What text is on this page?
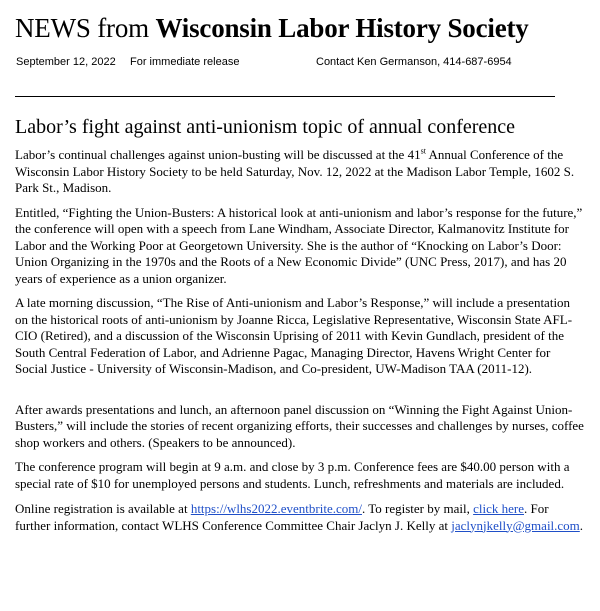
NEWS from Wisconsin Labor History Society
September 12, 2022 For immediate release	Contact Ken Germanson, 414-687-6954
Labor’s fight against anti-unionism topic of annual conference

Labor’s continual challenges against union-busting will be discussed at the 41st Annual Conference of the Wisconsin Labor History Society to be held Saturday, Nov. 12, 2022 at the Madison Labor Temple, 1602 S. Park St., Madison.

Entitled, “Fighting the Union-Busters: A historical look at anti-unionism and labor’s response for the future,” the conference will open with a speech from Lane Windham, Associate Director, Kalmanovitz Institute for Labor and the Working Poor at Georgetown University. She is the author of “Knocking on Labor’s Door: Union Organizing in the 1970s and the Roots of a New Economic Divide” (UNC Press, 2017), and has 20 years of experience as a union organizer.

A late morning discussion, “The Rise of Anti-unionism and Labor’s Response,” will include a presentation on the historical roots of anti-unionism by Joanne Ricca, Legislative Representative, Wisconsin State AFL-CIO (Retired), and a discussion of the Wisconsin Uprising of 2011 with Kevin Gundlach, president of the South Central Federation of Labor, and Adrienne Pagac, Managing Director, Havens Wright Center for Social Justice - University of Wisconsin-Madison, and Co-president, UW-Madison TAA (2011-12).

After awards presentations and lunch, an afternoon panel discussion on “Winning the Fight Against Union-Busters,” will include the stories of recent organizing efforts, their successes and challenges by nurses, coffee shop workers and others. (Speakers to be announced).

The conference program will begin at 9 a.m. and close by 3 p.m. Conference fees are $40.00 person with a special rate of $10 for unemployed persons and students. Lunch, refreshments and materials are included.

Online registration is available at https://wlhs2022.eventbrite.com/. To register by mail, click here. For further information, contact WLHS Conference Committee Chair Jaclyn J. Kelly at jaclynjkelly@gmail.com.
